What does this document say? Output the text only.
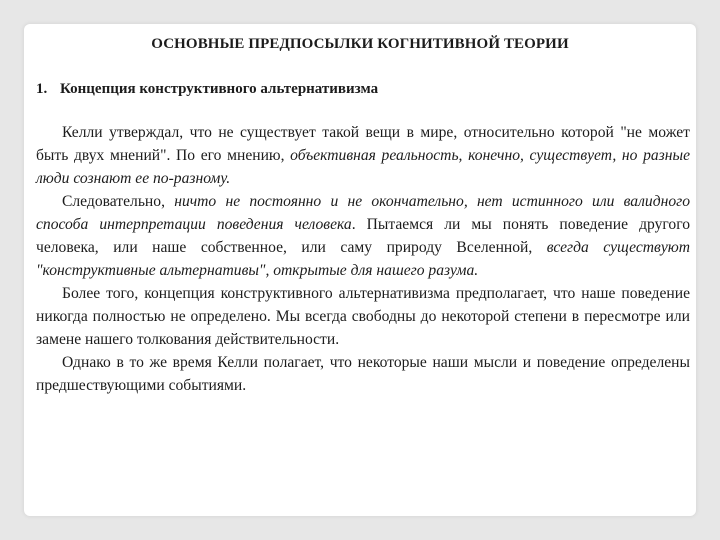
ОСНОВНЫЕ ПРЕДПОСЫЛКИ КОГНИТИВНОЙ ТЕОРИИ
1. Концепция конструктивного альтернативизма

Келли утверждал, что не существует такой вещи в мире, относительно которой "не может быть двух мнений". По его мнению, объективная реальность, конечно, существует, но разные люди сознают ее по-разному.

Следовательно, ничто не постоянно и не окончательно, нет истинного или валидного способа интерпретации поведения человека. Пытаемся ли мы понять поведение другого человека, или наше собственное, или саму природу Вселенной, всегда существуют "конструктивные альтернативы", открытые для нашего разума.

Более того, концепция конструктивного альтернативизма предполагает, что наше поведение никогда полностью не определено. Мы всегда свободны до некоторой степени в пересмотре или замене нашего толкования действительности.

Однако в то же время Келли полагает, что некоторые наши мысли и поведение определены предшествующими событиями.
